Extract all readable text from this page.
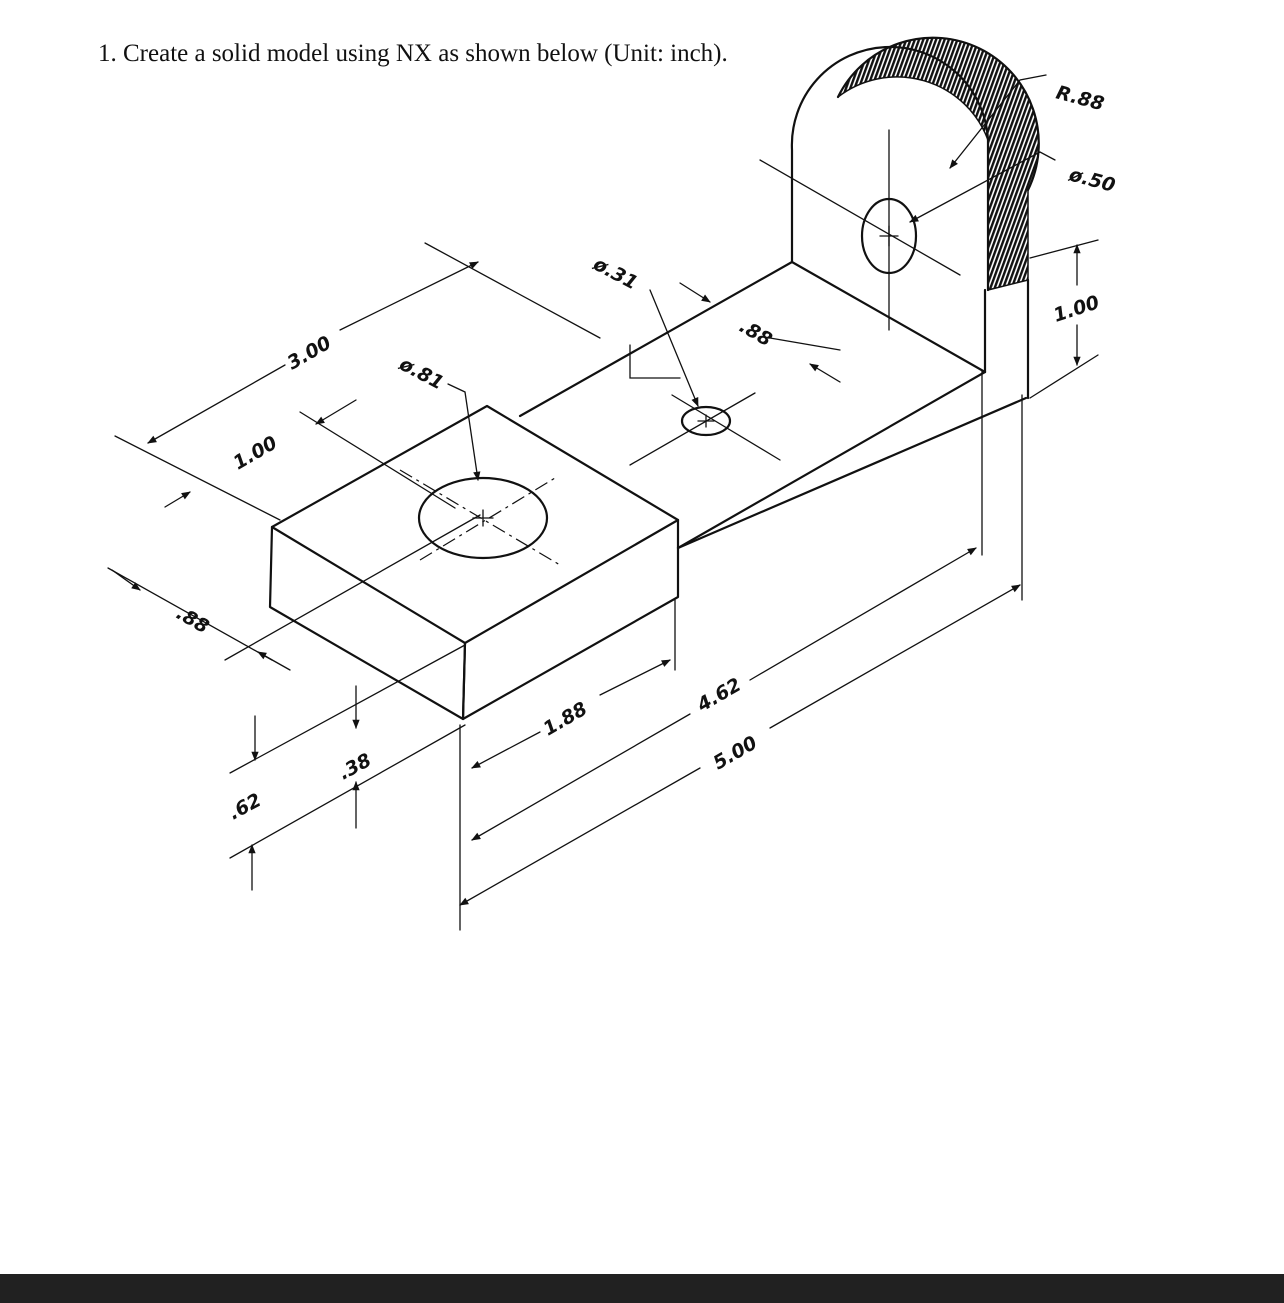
1. Create a solid model using NX as shown below (Unit: inch).
R.88
ø.50
1.00
.88
ø.31
3.00	ø.81
1.00
.88
1.88
4.62
5.00
.38
.62
